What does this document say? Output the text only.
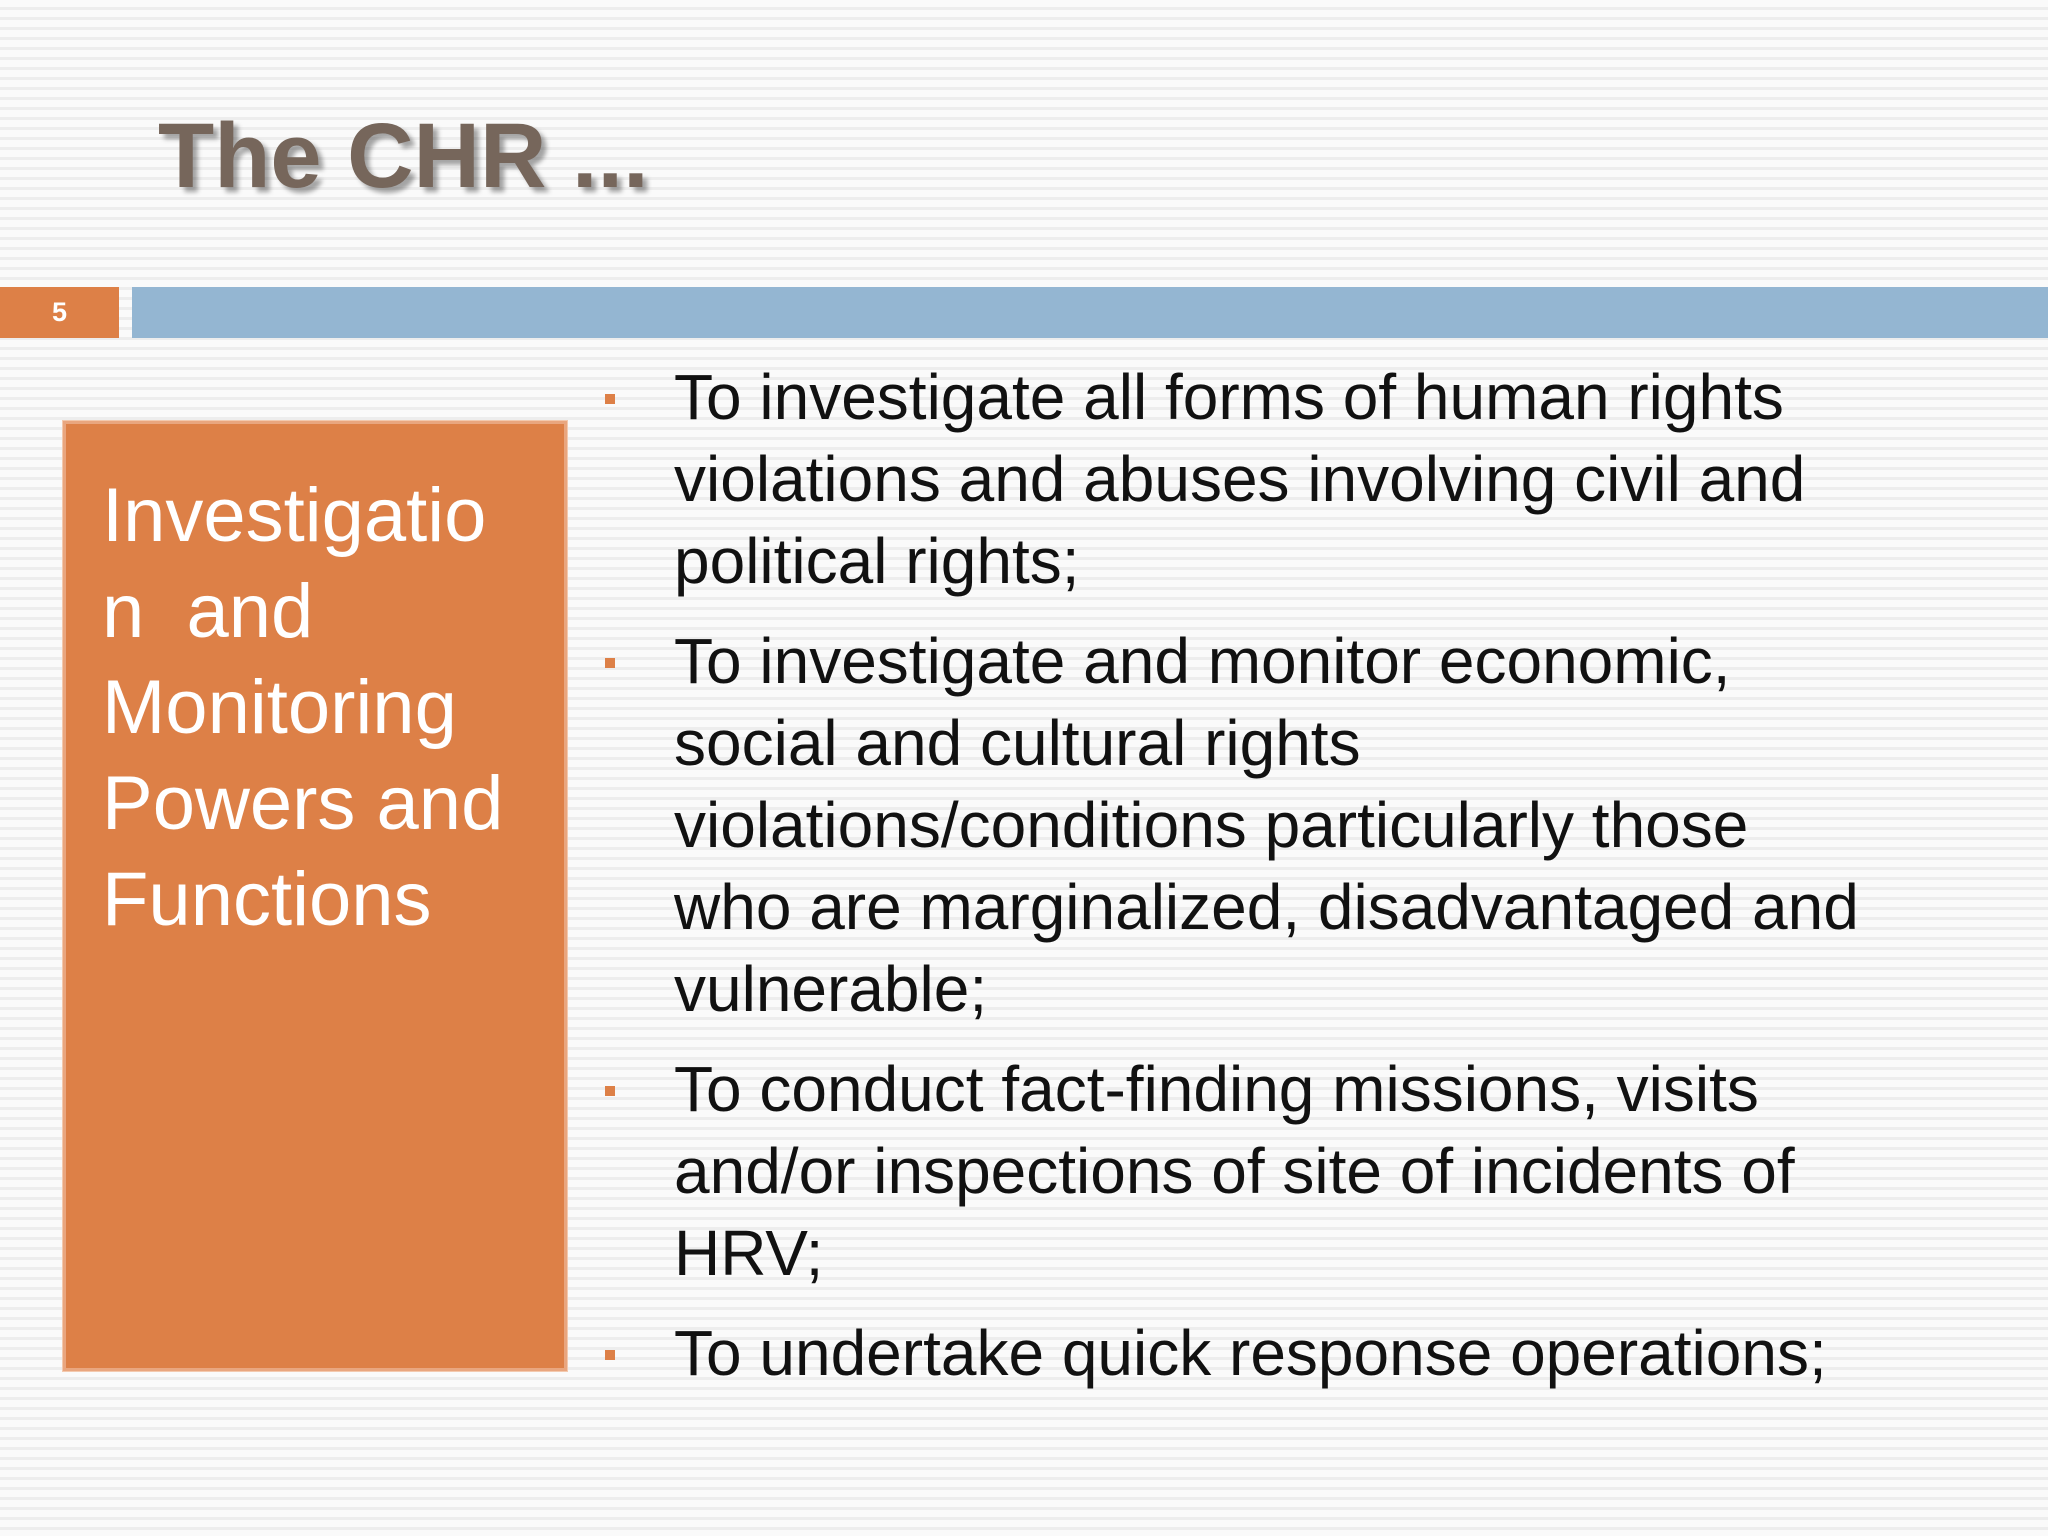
The CHR ...
5
Investigatio
n  and
Monitoring
Powers and
Functions
To investigate all forms of human rights
violations and abuses involving civil and
political rights;
To investigate and monitor economic,
social and cultural rights
violations/conditions particularly those
who are marginalized, disadvantaged and
vulnerable;
To conduct fact-finding missions, visits
and/or inspections of site of incidents of
HRV;
To undertake quick response operations;
